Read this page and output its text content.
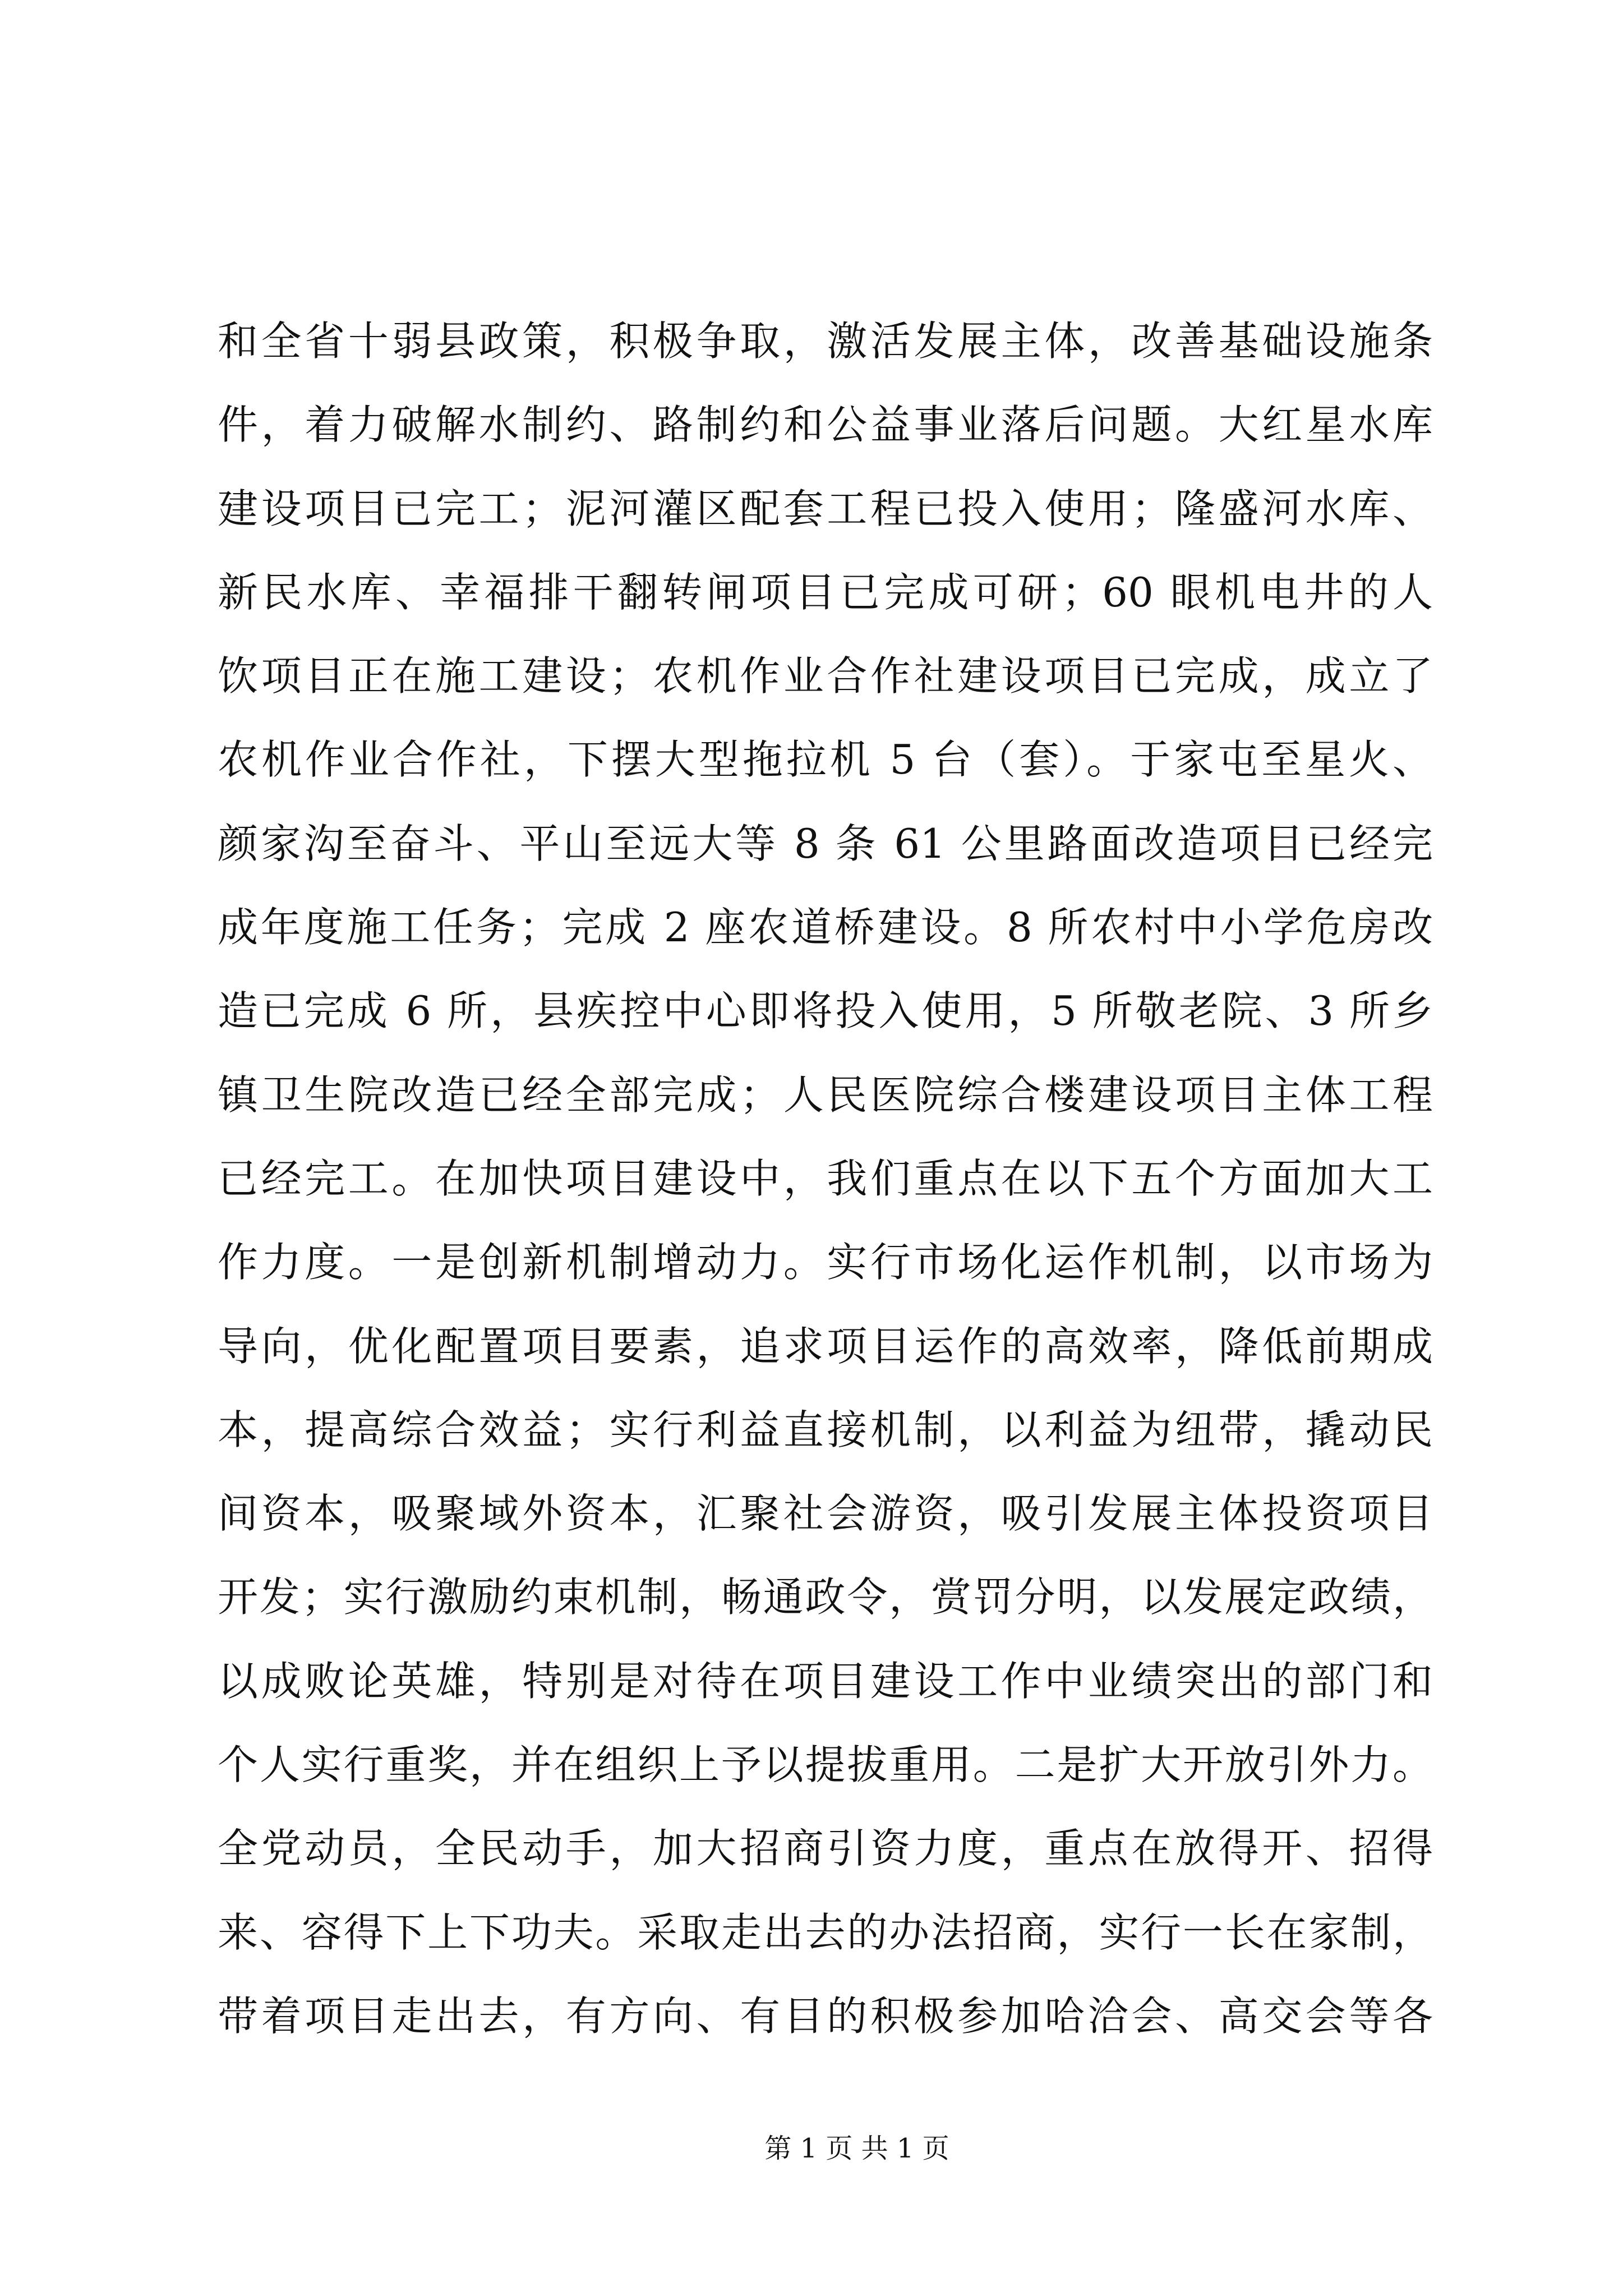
和全省十弱县政策，积极争取，激活发展主体，改善基础设施条
件，着力破解水制约、路制约和公益事业落后问题。大红星水库
建设项目已完工；泥河灌区配套工程已投入使用；隆盛河水库、
新民水库、幸福排干翻转闸项目已完成可研；60 眼机电井的人
饮项目正在施工建设；农机作业合作社建设项目已完成，成立了
农机作业合作社，下摆大型拖拉机 5 台（套）。于家屯至星火、
颜家沟至奋斗、平山至远大等 8 条 61 公里路面改造项目已经完
成年度施工任务；完成 2 座农道桥建设。8 所农村中小学危房改
造已完成 6 所，县疾控中心即将投入使用，5 所敬老院、3 所乡
镇卫生院改造已经全部完成；人民医院综合楼建设项目主体工程
已经完工。在加快项目建设中，我们重点在以下五个方面加大工
作力度。一是创新机制增动力。实行市场化运作机制，以市场为
导向，优化配置项目要素，追求项目运作的高效率，降低前期成
本，提高综合效益；实行利益直接机制，以利益为纽带，撬动民
间资本，吸聚域外资本，汇聚社会游资，吸引发展主体投资项目
开发；实行激励约束机制，畅通政令，赏罚分明，以发展定政绩，
以成败论英雄，特别是对待在项目建设工作中业绩突出的部门和
个人实行重奖，并在组织上予以提拔重用。二是扩大开放引外力。
全党动员，全民动手，加大招商引资力度，重点在放得开、招得
来、容得下上下功夫。采取走出去的办法招商，实行一长在家制，
带着项目走出去，有方向、有目的积极参加哈洽会、高交会等各
第 1 页 共 1 页
